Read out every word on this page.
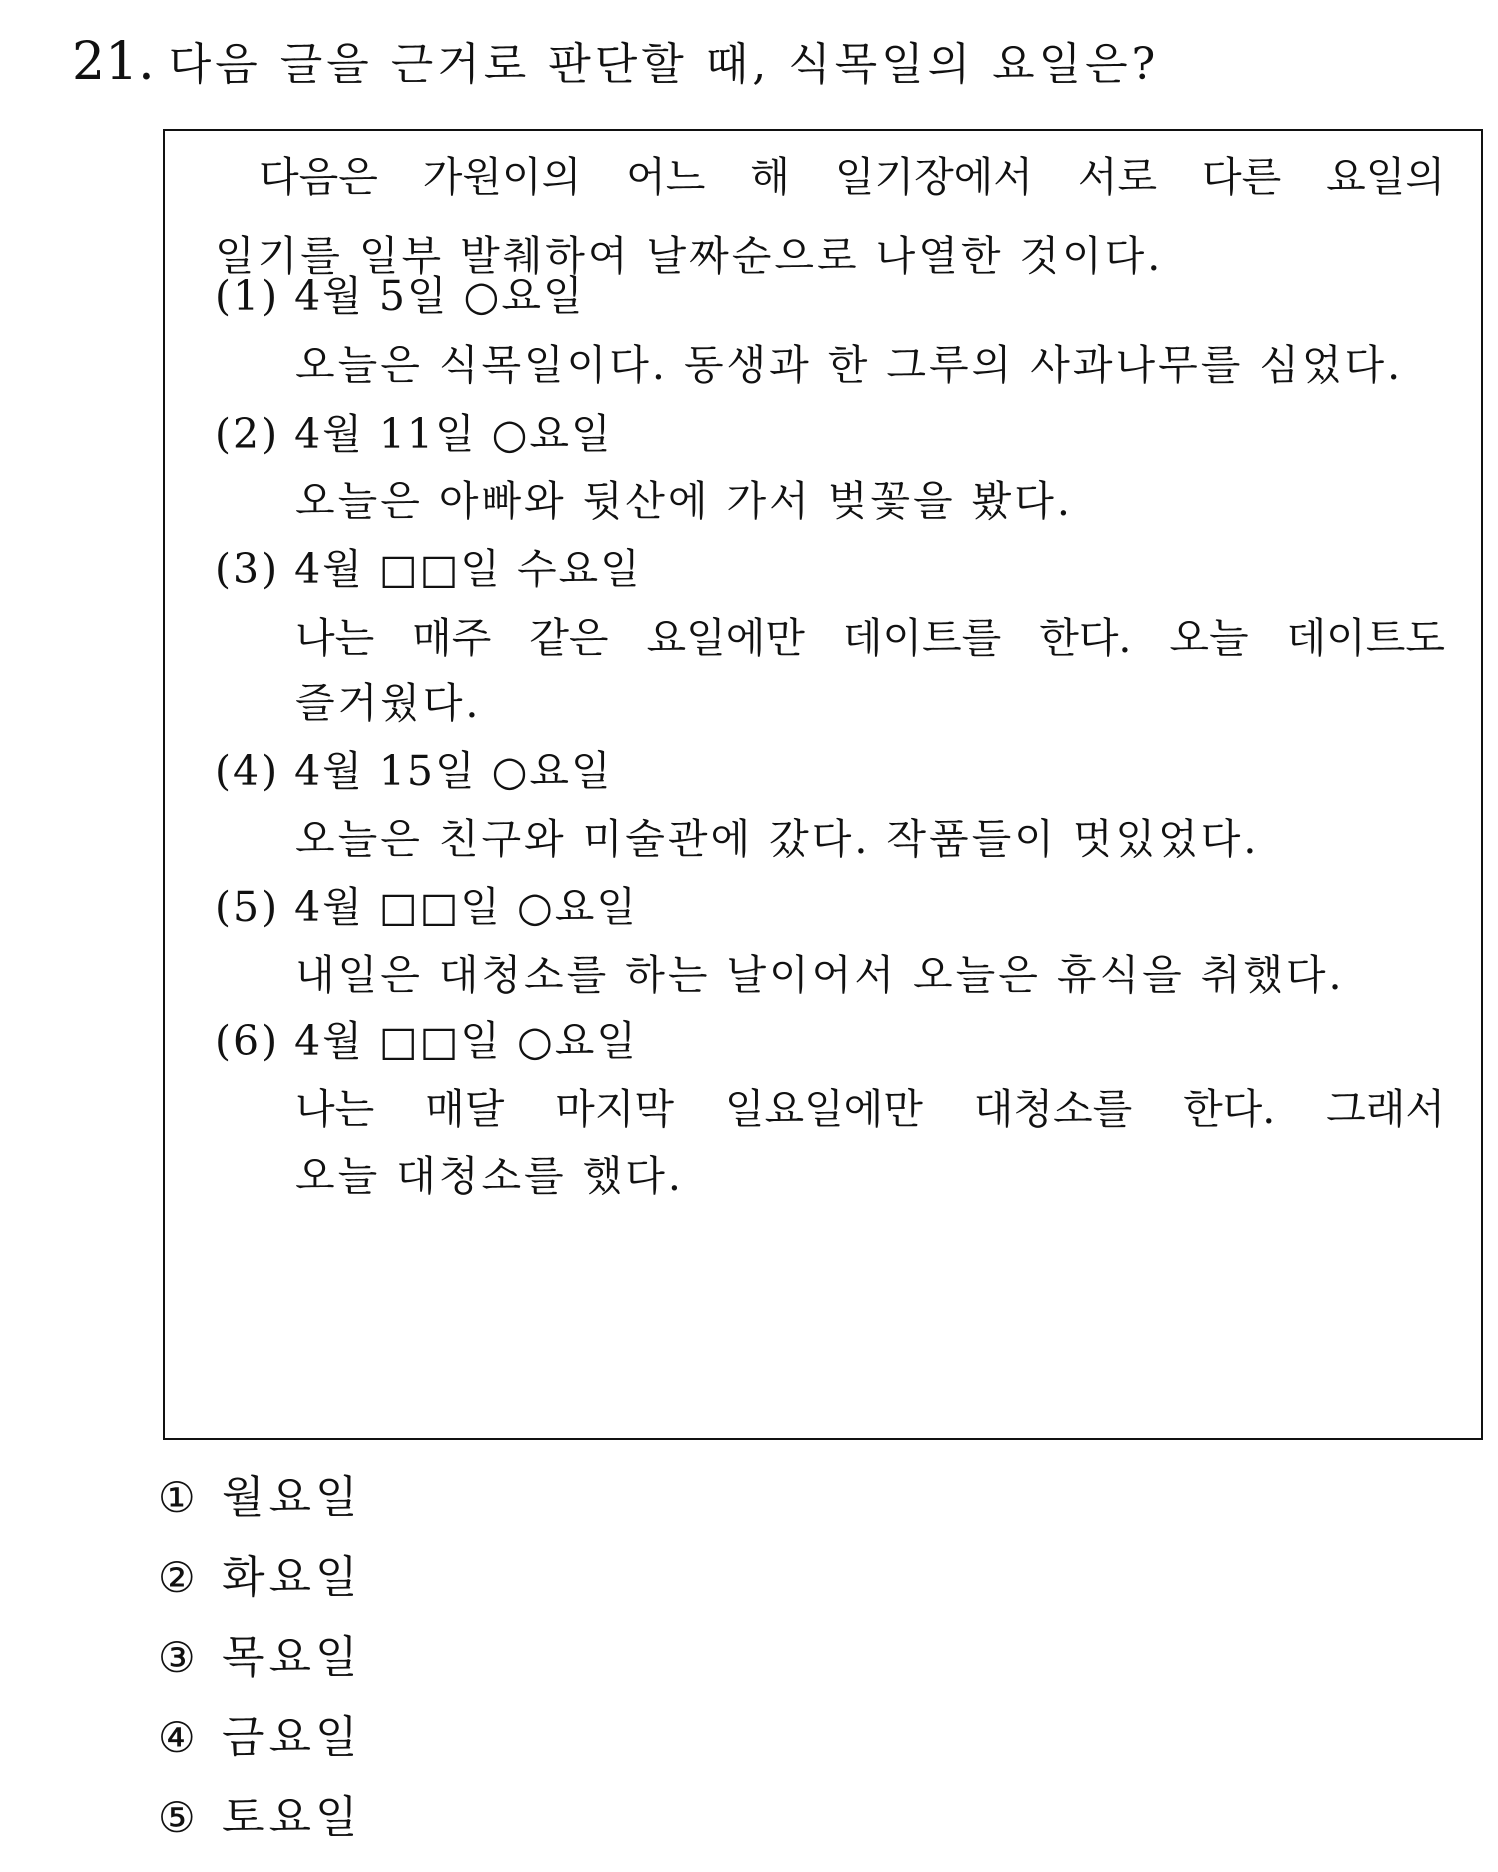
21. 다음 글을 근거로 판단할 때, 식목일의 요일은?
다음은 가원이의 어느 해 일기장에서 서로 다른 요일의
일기를 일부 발췌하여 날짜순으로 나열한 것이다.
(1) 4월 5일 ○요일
오늘은 식목일이다. 동생과 한 그루의 사과나무를 심었다.
(2) 4월 11일 ○요일
오늘은 아빠와 뒷산에 가서 벚꽃을 봤다.
(3) 4월 □□일 수요일
나는 매주 같은 요일에만 데이트를 한다. 오늘 데이트도
즐거웠다.
(4) 4월 15일 ○요일
오늘은 친구와 미술관에 갔다. 작품들이 멋있었다.
(5) 4월 □□일 ○요일
내일은 대청소를 하는 날이어서 오늘은 휴식을 취했다.
(6) 4월 □□일 ○요일
나는 매달 마지막 일요일에만 대청소를 한다. 그래서
오늘 대청소를 했다.
① 월요일
② 화요일
③ 목요일
④ 금요일
⑤ 토요일
